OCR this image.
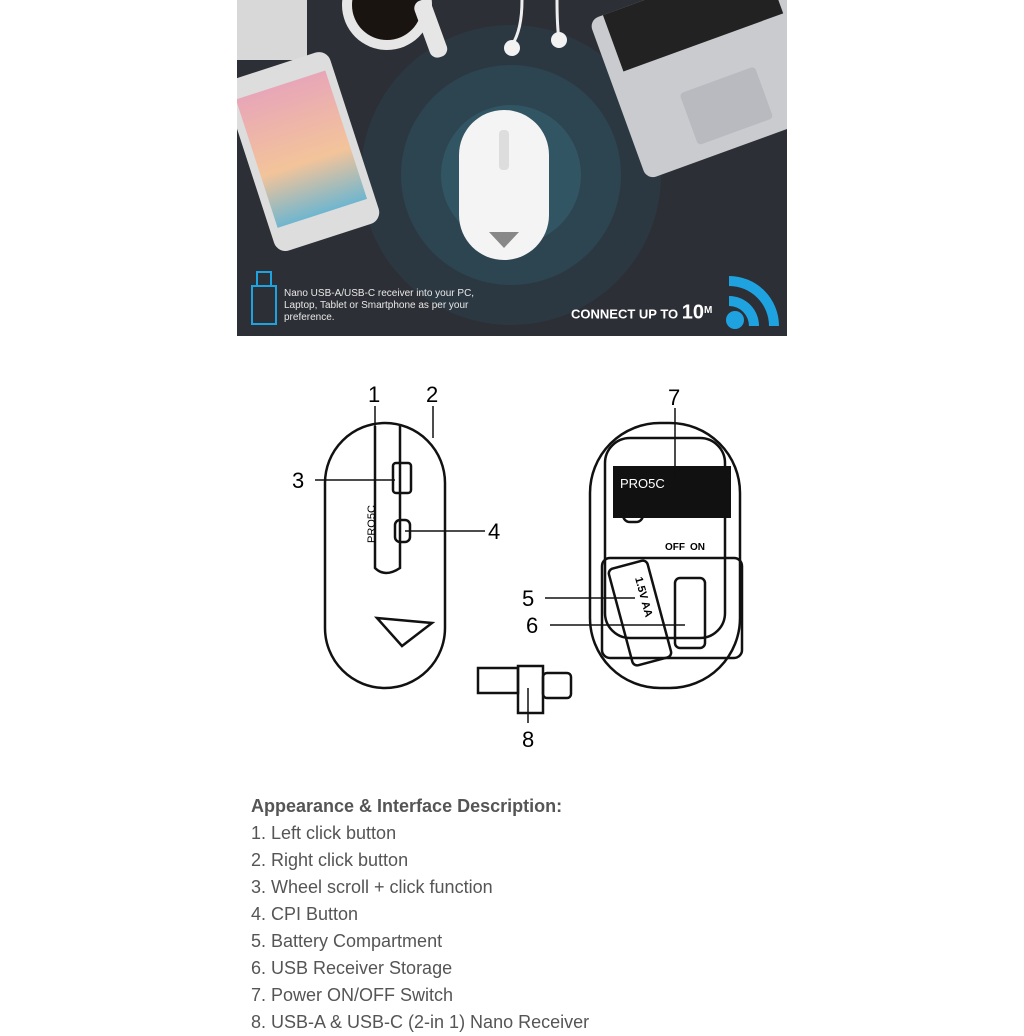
Nano USB-A/USB-C receiver into your PC, Laptop, Tablet or Smartphone as per your preference.	CONNECT UP TO $10^M$
PRO5C
OFF ON
PRO5C
1 2
3
4
7
5
6
8
1.5V AA
Appearance & Interface Description:
1. Left click button
2. Right click button
3. Wheel scroll + click function
4. CPI Button
5. Battery Compartment
6. USB Receiver Storage
7. Power ON/OFF Switch
8. USB-A & USB-C (2-in 1) Nano Receiver
